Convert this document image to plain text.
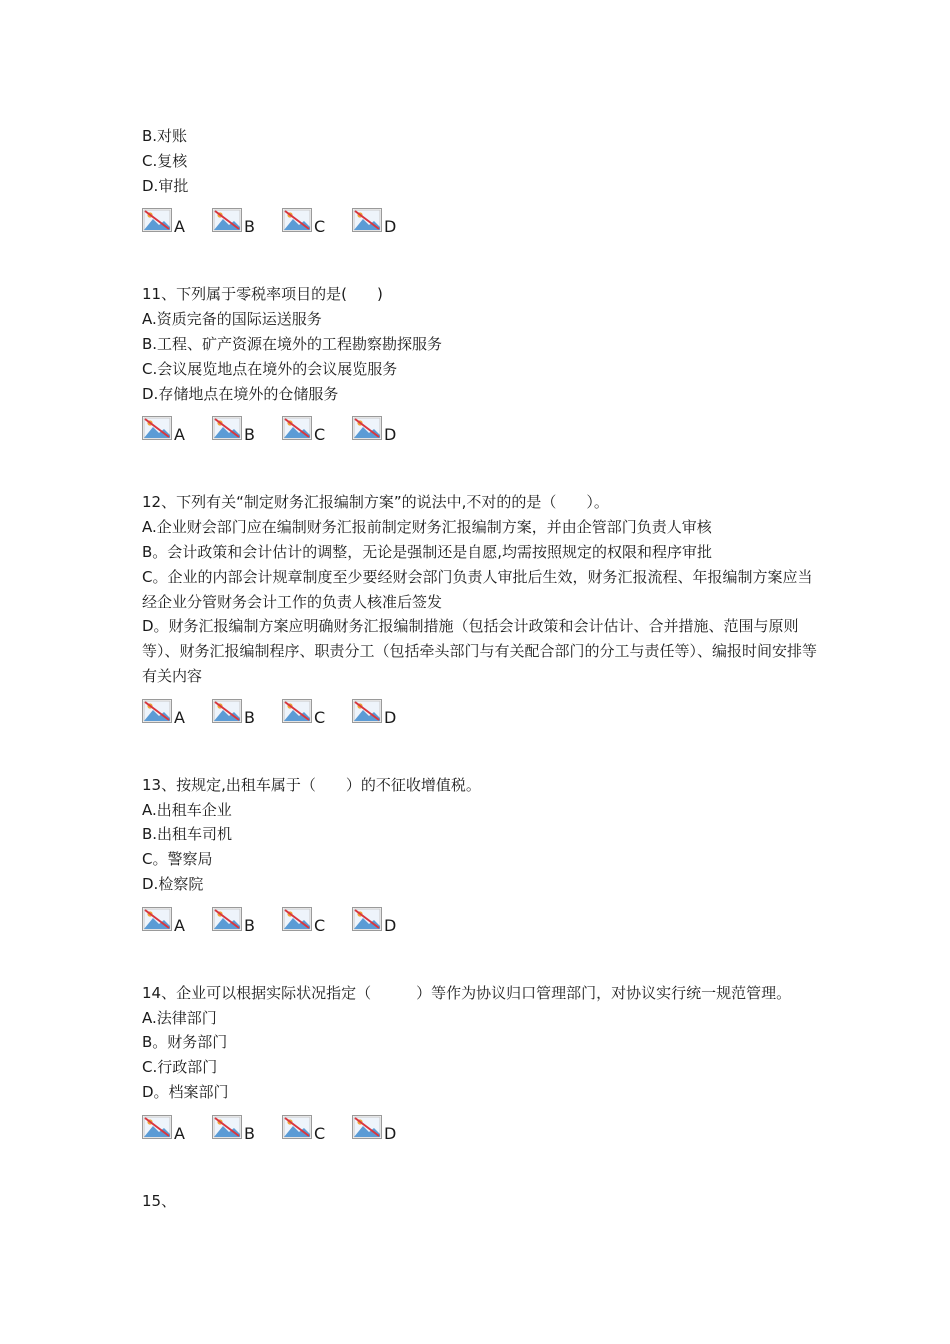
B.对账
C.复核
D.审批
A	B	C	D
11、下列属于零税率项目的是(　　)
A.资质完备的国际运送服务
B.工程、矿产资源在境外的工程勘察勘探服务
C.会议展览地点在境外的会议展览服务
D.存储地点在境外的仓储服务
A	B	C	D
12、下列有关“制定财务汇报编制方案”的说法中,不对的的是（　　）。
A.企业财会部门应在编制财务汇报前制定财务汇报编制方案，并由企管部门负责人审核
B。会计政策和会计估计的调整，无论是强制还是自愿,均需按照规定的权限和程序审批
C。企业的内部会计规章制度至少要经财会部门负责人审批后生效，财务汇报流程、年报编制方案应当经企业分管财务会计工作的负责人核准后签发
D。财务汇报编制方案应明确财务汇报编制措施（包括会计政策和会计估计、合并措施、范围与原则等）、财务汇报编制程序、职责分工（包括牵头部门与有关配合部门的分工与责任等）、编报时间安排等有关内容
A	B	C	D
13、按规定,出租车属于（　　）的不征收增值税。
A.出租车企业
B.出租车司机
C。警察局
D.检察院
A	B	C	D
14、企业可以根据实际状况指定（　　　）等作为协议归口管理部门，对协议实行统一规范管理。
A.法律部门
B。财务部门
C.行政部门
D。档案部门
A	B	C	D
15、
